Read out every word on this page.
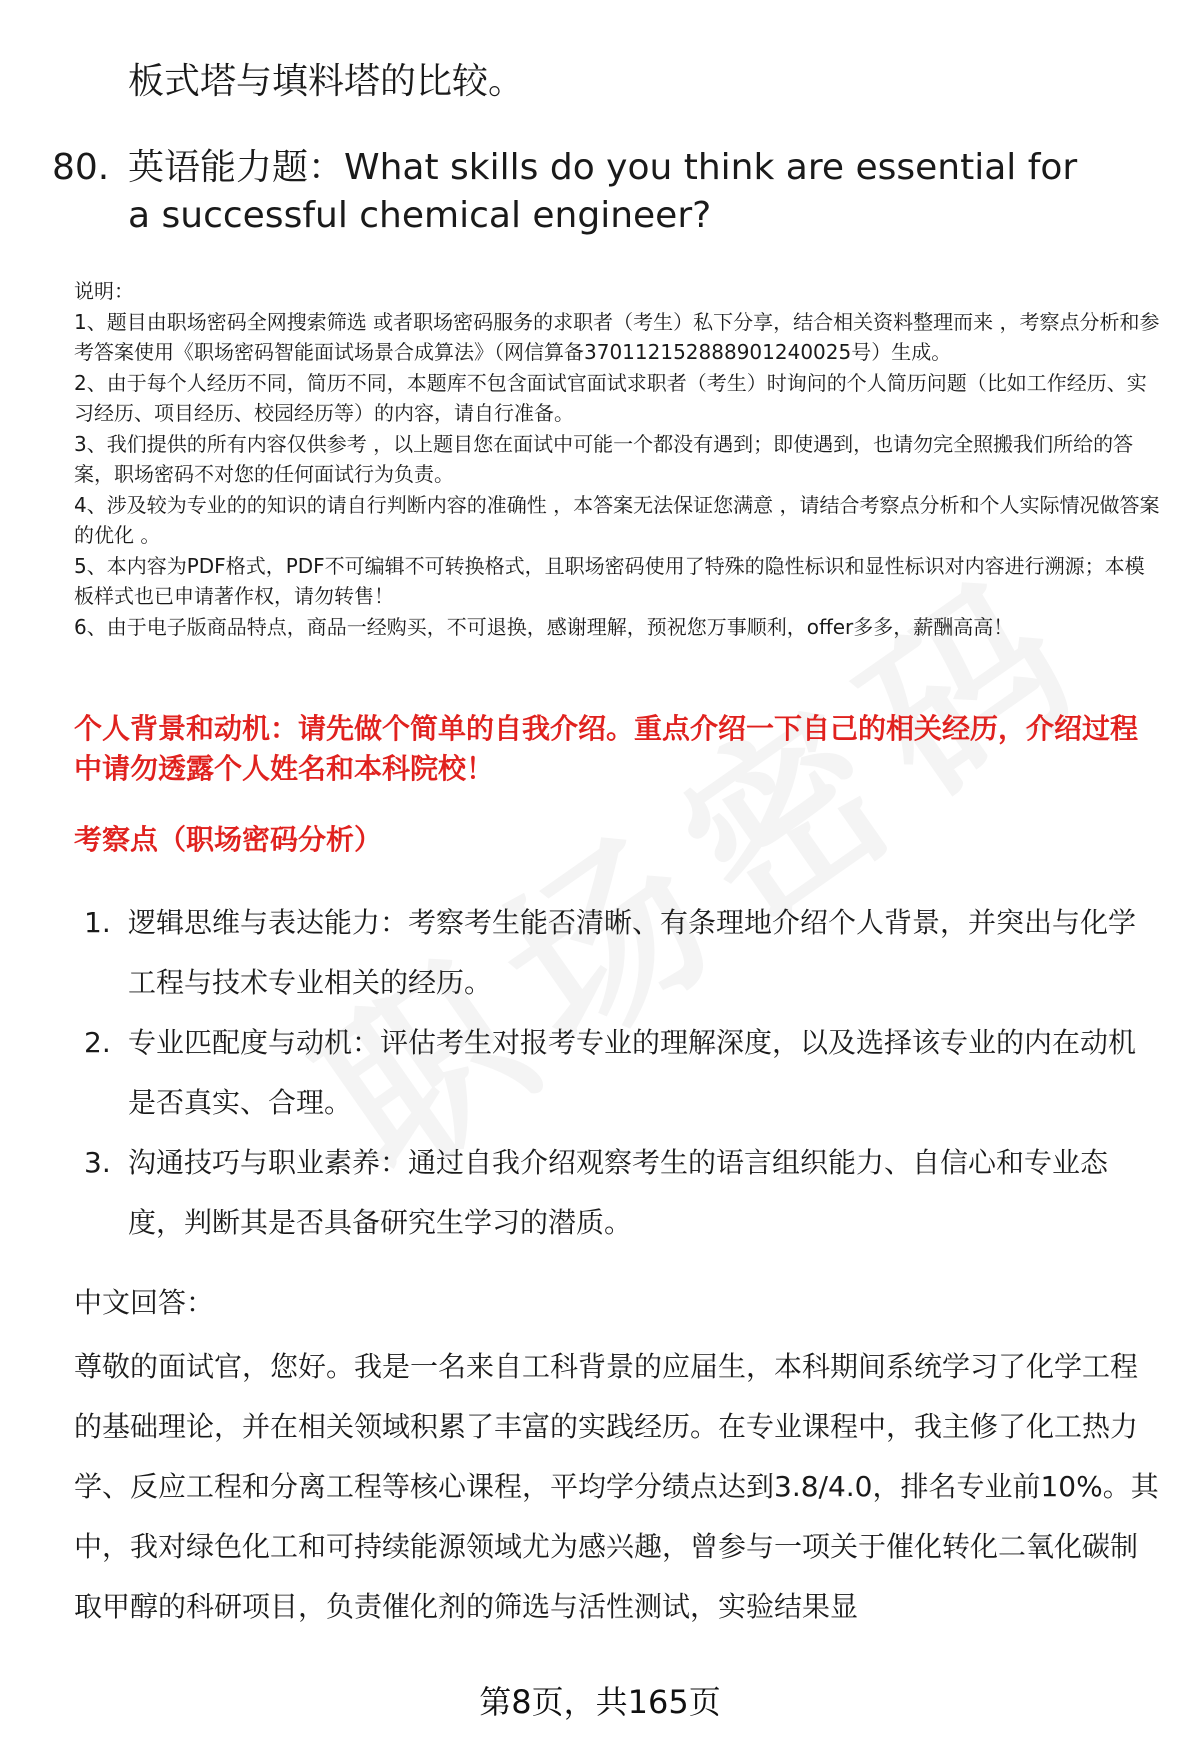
板式塔与填料塔的比较。
80. 英语能力题：What skills do you think are essential for a successful chemical engineer?
说明：
1、题目由职场密码全网搜索筛选 或者职场密码服务的求职者（考生）私下分享，结合相关资料整理而来 ，考察点分析和参考答案使用《职场密码智能面试场景合成算法》（网信算备370112152888901240025号）生成。
2、由于每个人经历不同，简历不同，本题库不包含面试官面试求职者（考生）时询问的个人简历问题（比如工作经历、实习经历、项目经历、校园经历等）的内容，请自行准备。
3、我们提供的所有内容仅供参考 ，以上题目您在面试中可能一个都没有遇到；即使遇到，也请勿完全照搬我们所给的答案，职场密码不对您的任何面试行为负责。
4、涉及较为专业的的知识的请自行判断内容的准确性 ，本答案无法保证您满意 ，请结合考察点分析和个人实际情况做答案的优化 。
5、本内容为PDF格式，PDF不可编辑不可转换格式，且职场密码使用了特殊的隐性标识和显性标识对内容进行溯源；本模板样式也已申请著作权，请勿转售！
6、由于电子版商品特点，商品一经购买，不可退换，感谢理解，预祝您万事顺利，offer多多，薪酬高高！
个人背景和动机：请先做个简单的自我介绍。重点介绍一下自己的相关经历，介绍过程中请勿透露个人姓名和本科院校！
考察点（职场密码分析）
1. 逻辑思维与表达能力：考察考生能否清晰、有条理地介绍个人背景，并突出与化学工程与技术专业相关的经历。
2. 专业匹配度与动机：评估考生对报考专业的理解深度，以及选择该专业的内在动机是否真实、合理。
3. 沟通技巧与职业素养：通过自我介绍观察考生的语言组织能力、自信心和专业态度，判断其是否具备研究生学习的潜质。
中文回答：
尊敬的面试官，您好。我是一名来自工科背景的应届生，本科期间系统学习了化学工程的基础理论，并在相关领域积累了丰富的实践经历。在专业课程中，我主修了化工热力学、反应工程和分离工程等核心课程，平均学分绩点达到3.8/4.0，排名专业前10%。其中，我对绿色化工和可持续能源领域尤为感兴趣，曾参与一项关于催化转化二氧化碳制取甲醇的科研项目，负责催化剂的筛选与活性测试，实验结果显
第8页，共165页
